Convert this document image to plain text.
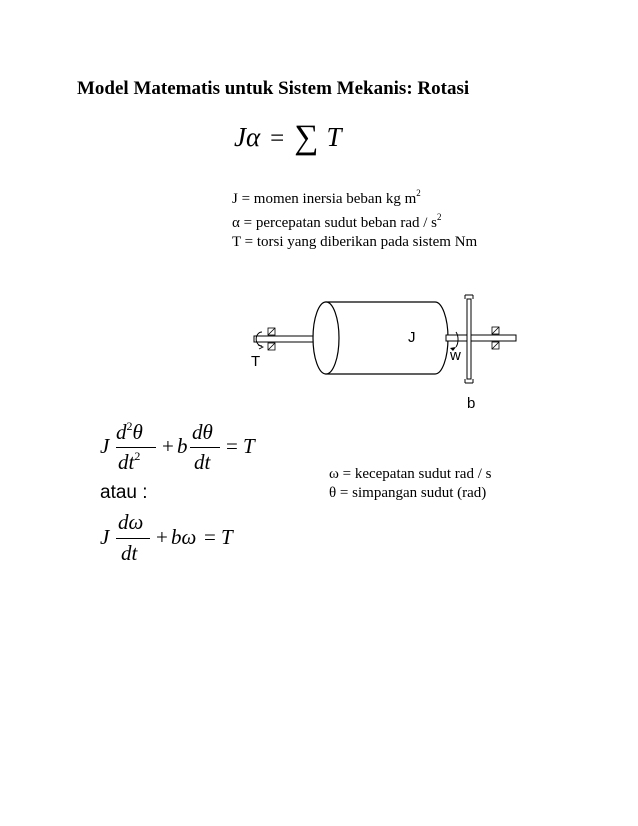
Model Matematis untuk Sistem Mekanis: Rotasi
Jα = ∑ T
J = momen inersia beban kg $m^2$
α = percepatan sudut beban rad / $s^2$
T = torsi yang diberikan pada sistem Nm
T
J
w
b
J
$d^2\theta$
$dt^2 + b$
dθ
dt
= T
atau :
J
dω
dt
+ bω = T
ω = kecepatan sudut rad / s
θ = simpangan sudut (rad)
